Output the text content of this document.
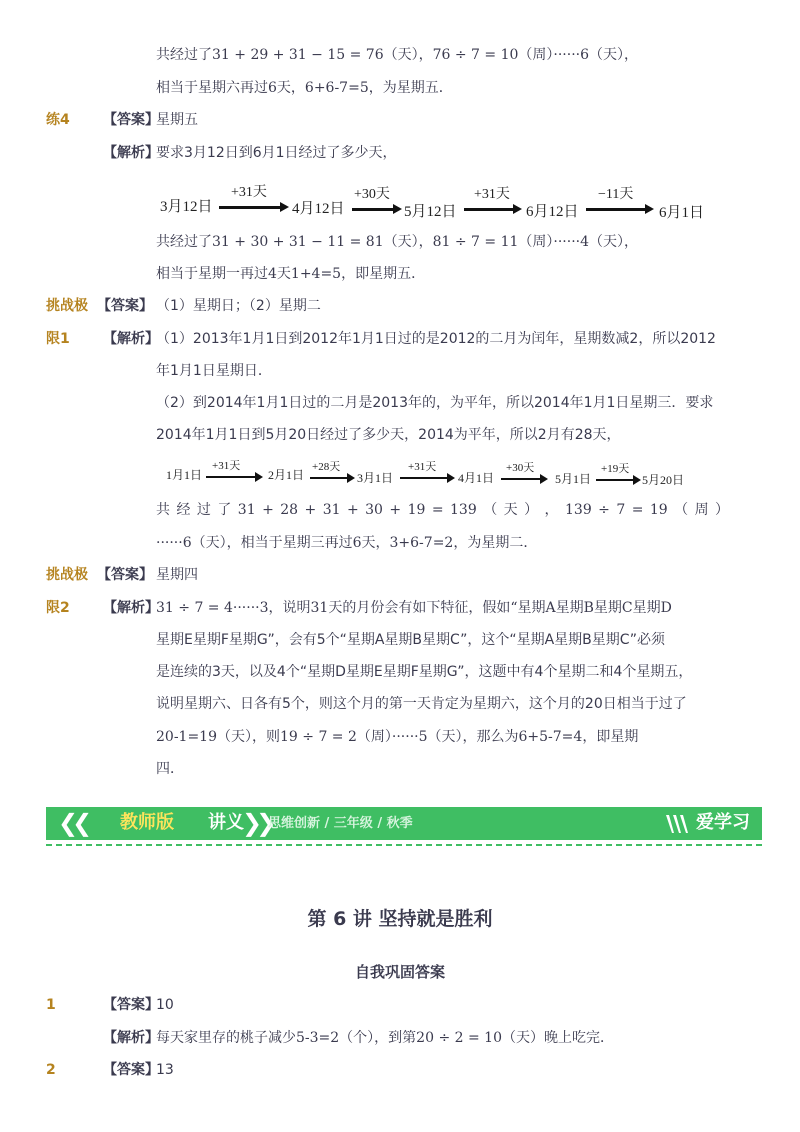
共经过了31 + 29 + 31 − 15 = 76（天），76 ÷ 7 = 10（周）······6（天），
相当于星期六再过6天，6+6-7=5，为星期五．
练4 【答案】
星期五
【解析】
要求3月12日到6月1日经过了多少天，
3月12日
+31天
4月12日
+30天
5月12日
+31天
6月12日
−11天
6月1日
共经过了31 + 30 + 31 − 11 = 81（天），81 ÷ 7 = 11（周）······4（天），
相当于星期一再过4天1+4=5，即星期五．
挑战极 【答案】 （1）星期日；（2）星期二
限1 【解析】
（1）2013年1月1日到2012年1月1日过的是2012的二月为闰年，星期数减2，所以2012
年1月1日星期日．
（2）到2014年1月1日过的二月是2013年的，为平年，所以2014年1月1日星期三．要求
2014年1月1日到5月20日经过了多少天，2014为平年，所以2月有28天，
1月1日
+31天
2月1日
+28天
3月1日
+31天
4月1日
+30天
5月1日
+19天
5月20日
共 经 过 了 31 + 28 + 31 + 30 + 19 = 139 （ 天 ） ， 139 ÷ 7 = 19 （ 周 ）
······6（天），相当于星期三再过6天，3+6-7=2，为星期二．
挑战极 【答案】 星期四
限2 【解析】
31 ÷ 7 = 4······3，说明31天的月份会有如下特征，假如“星期A星期B星期C星期D
星期E星期F星期G”，会有5个“星期A星期B星期C”，这个“星期A星期B星期C”必须
是连续的3天，以及4个“星期D星期E星期F星期G”，这题中有4个星期二和4个星期五，
说明星期六、日各有5个，则这个月的第一天肯定为星期六，这个月的20日相当于过了
20-1=19（天），则19 ÷ 7 = 2（周）······5（天），那么为6+5-7=4，即星期
四．
❮❮ 教师版 讲义
❯❯
思维创新 / 三年级 / 秋季	爱学习
第 6 讲 坚持就是胜利
自我巩固答案
1	【答案】
10
【解析】
每天家里存的桃子减少5-3=2（个），到第20 ÷ 2 = 10（天）晚上吃完．
2	【答案】
13
